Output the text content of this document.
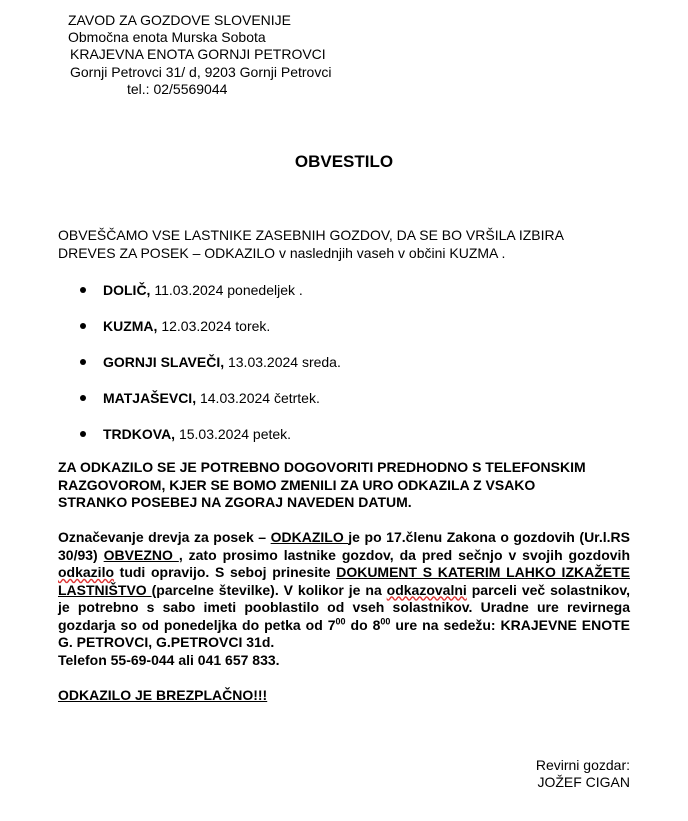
ZAVOD ZA GOZDOVE SLOVENIJE
Območna enota Murska Sobota
KRAJEVNA ENOTA GORNJI PETROVCI
Gornji Petrovci 31/ d, 9203 Gornji Petrovci
tel.: 02/5569044
OBVESTILO
OBVEŠČAMO VSE LASTNIKE ZASEBNIH GOZDOV, DA SE BO VRŠILA IZBIRA
DREVES ZA POSEK – ODKAZILO v naslednjih vaseh v občini KUZMA .
DOLIČ, 11.03.2024 ponedeljek .
KUZMA, 12.03.2024 torek.
GORNJI SLAVEČI, 13.03.2024 sreda.
MATJAŠEVCI, 14.03.2024 četrtek.
TRDKOVA, 15.03.2024 petek.
ZA ODKAZILO SE JE POTREBNO DOGOVORITI PREDHODNO S TELEFONSKIM
RAZGOVOROM, KJER SE BOMO ZMENILI ZA URO ODKAZILA Z VSAKO
STRANKO POSEBEJ NA ZGORAJ NAVEDEN DATUM.
Označevanje drevja za posek – ODKAZILO je po 17.členu Zakona o gozdovih (Ur.l.RS 30/93) OBVEZNO , zato prosimo lastnike gozdov, da pred sečnjo v svojih gozdovih odkazilo tudi opravijo. S seboj prinesite DOKUMENT S KATERIM LAHKO IZKAŽETE LASTNIŠTVO (parcelne številke). V kolikor je na odkazovalni parceli več solastnikov, je potrebno s sabo imeti pooblastilo od vseh solastnikov. Uradne ure revirnega gozdarja so od ponedeljka do petka od $7^{00}$ do $8^{00}$ ure na sedežu: KRAJEVNE ENOTE G. PETROVCI, G.PETROVCI 31d.
Telefon 55-69-044 ali 041 657 833.
ODKAZILO JE BREZPLAČNO!!!
Revirni gozdar:
JOŽEF CIGAN
